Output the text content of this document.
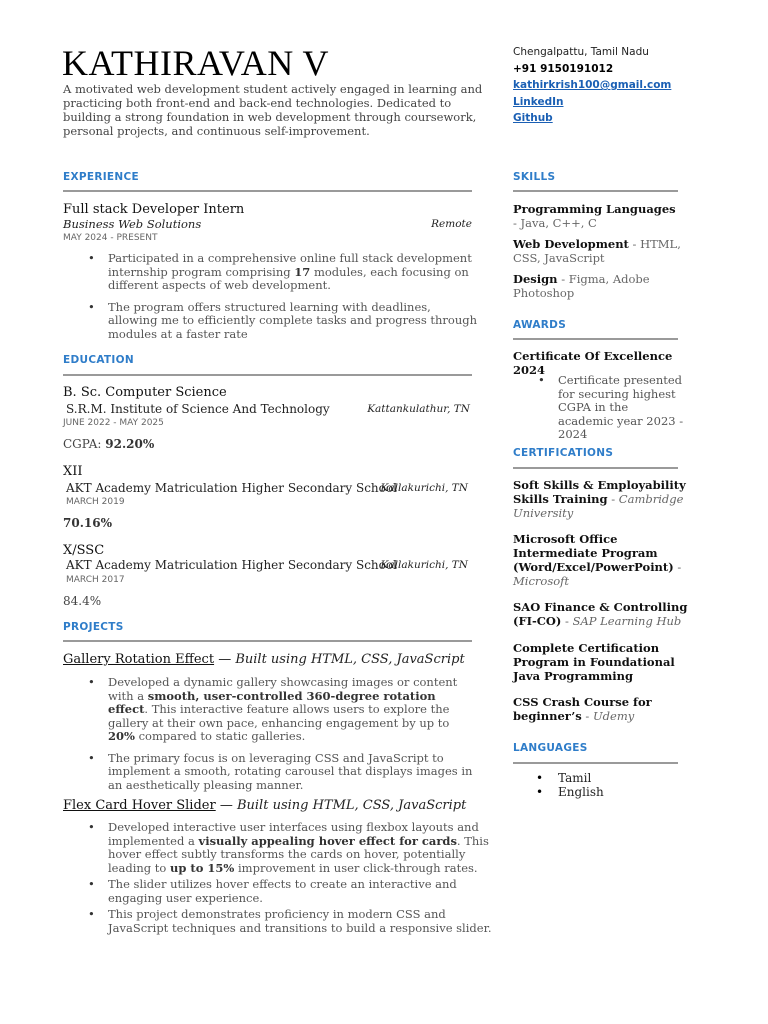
KATHIRAVAN V
A motivated web development student actively engaged in learning and practicing both front-end and back-end technologies. Dedicated to building a strong foundation in web development through coursework, personal projects, and continuous self-improvement.
Chengalpattu, Tamil Nadu
+91 9150191012
kathirkrish100@gmail.com
LinkedIn
Github
EXPERIENCE
Full stack Developer Intern
Business Web Solutions	Remote
MAY 2024 - PRESENT
• Participated in a comprehensive online full stack development internship program comprising 17 modules, each focusing on different aspects of web development.
• The program offers structured learning with deadlines, allowing me to efficiently complete tasks and progress through modules at a faster rate
EDUCATION
B. Sc. Computer Science
S.R.M. Institute of Science And Technology	Kattankulathur, TN
JUNE 2022 - MAY 2025
CGPA: 92.20%
XII
AKT Academy Matriculation Higher Secondary School
Kallakurichi, TN
MARCH 2019
70.16%
X/SSC
AKT Academy Matriculation Higher Secondary School
Kallakurichi, TN
MARCH 2017
84.4%
PROJECTS
Gallery Rotation Effect — Built using HTML, CSS, JavaScript
• Developed a dynamic gallery showcasing images or content with a smooth, user-controlled 360-degree rotation effect. This interactive feature allows users to explore the gallery at their own pace, enhancing engagement by up to 20% compared to static galleries.
• The primary focus is on leveraging CSS and JavaScript to implement a smooth, rotating carousel that displays images in an aesthetically pleasing manner.
Flex Card Hover Slider — Built using HTML, CSS, JavaScript
• Developed interactive user interfaces using flexbox layouts and implemented a visually appealing hover effect for cards. This hover effect subtly transforms the cards on hover, potentially leading to up to 15% improvement in user click-through rates.
• The slider utilizes hover effects to create an interactive and engaging user experience.
• This project demonstrates proficiency in modern CSS and JavaScript techniques and transitions to build a responsive slider.
SKILLS
Programming Languages - Java, C++, C
Web Development - HTML, CSS, JavaScript
Design - Figma, Adobe Photoshop
AWARDS
Certificate Of Excellence 2024
• Certificate presented for securing highest CGPA in the academic year 2023 - 2024
CERTIFICATIONS
Soft Skills & Employability Skills Training - Cambridge University
Microsoft Office Intermediate Program (Word/Excel/PowerPoint) - Microsoft
SAO Finance & Controlling (FI-CO) - SAP Learning Hub
Complete Certification Program in Foundational Java Programming
CSS Crash Course for beginner’s - Udemy
LANGUAGES
• Tamil
• English
